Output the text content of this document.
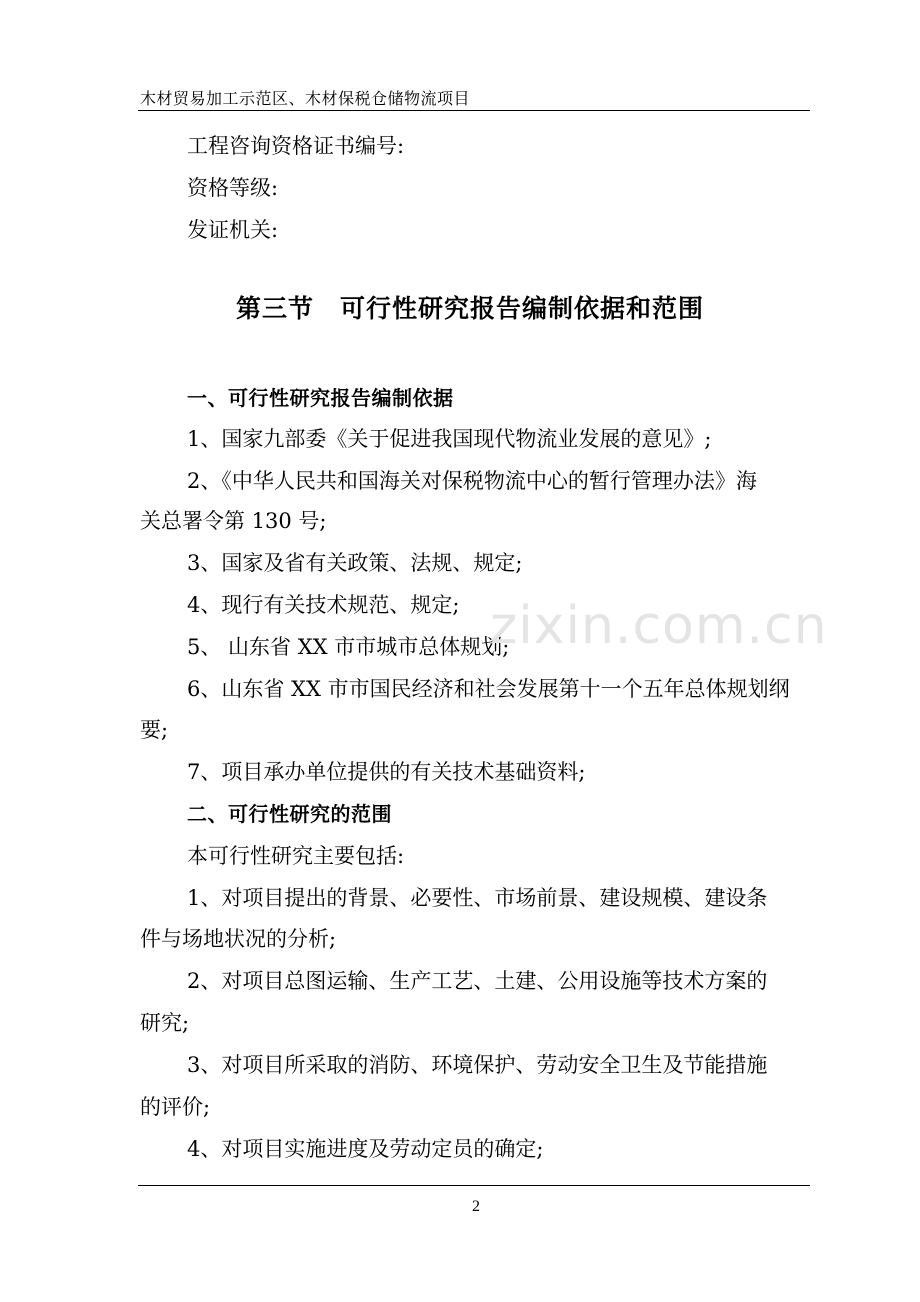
木材贸易加工示范区、木材保税仓储物流项目
工程咨询资格证书编号:
资格等级:
发证机关:
第三节　可行性研究报告编制依据和范围
一、可行性研究报告编制依据
1、国家九部委《关于促进我国现代物流业发展的意见》;
2、《中华人民共和国海关对保税物流中心的暂行管理办法》海
关总署令第 130 号;
3、国家及省有关政策、法规、规定;
4、现行有关技术规范、规定;
5、 山东省 XX 市市城市总体规划;
6、山东省 XX 市市国民经济和社会发展第十一个五年总体规划纲
要;
7、项目承办单位提供的有关技术基础资料;
二、可行性研究的范围
本可行性研究主要包括:
1、对项目提出的背景、必要性、市场前景、建设规模、建设条
件与场地状况的分析;
2、对项目总图运输、生产工艺、土建、公用设施等技术方案的
研究;
3、对项目所采取的消防、环境保护、劳动安全卫生及节能措施
的评价;
4、对项目实施进度及劳动定员的确定;
zixin.com.cn
2
